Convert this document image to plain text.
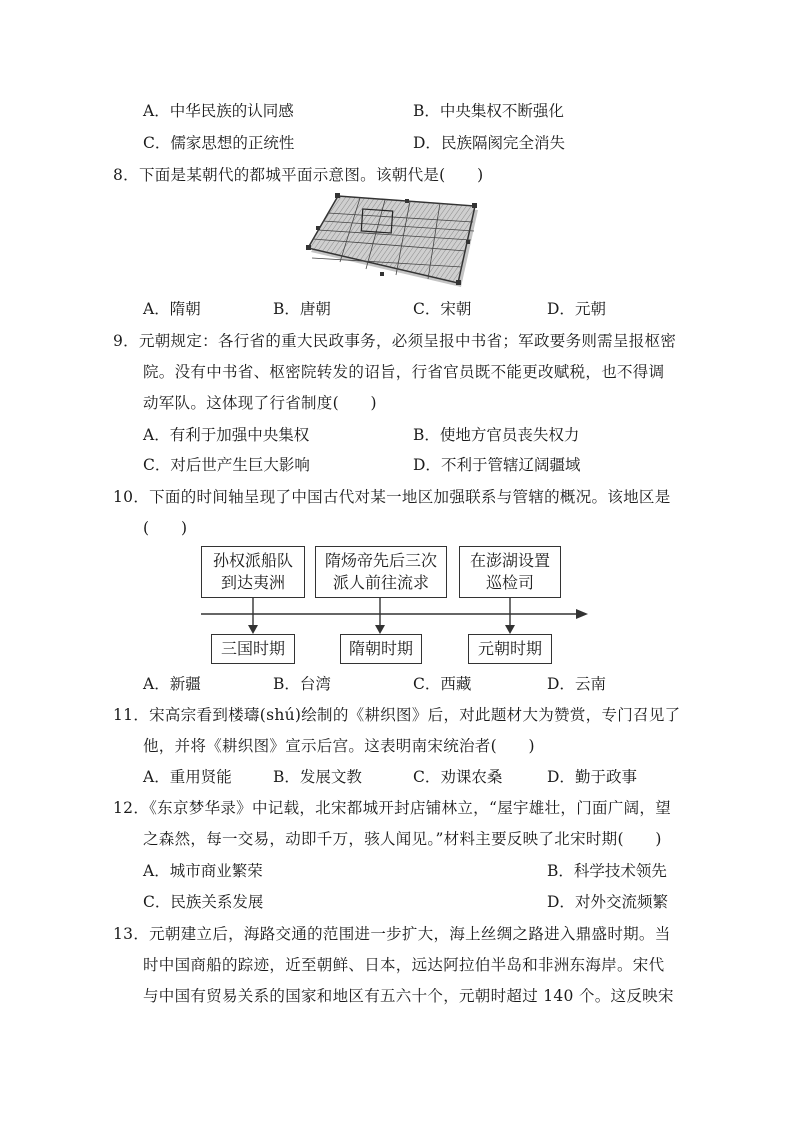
A．中华民族的认同感	B．中央集权不断强化
C．儒家思想的正统性	D．民族隔阂完全消失
8．下面是某朝代的都城平面示意图。该朝代是(　　)
A．隋朝	B．唐朝	C．宋朝	D．元朝
9．元朝规定：各行省的重大民政事务，必须呈报中书省；军政要务则需呈报枢密
院。没有中书省、枢密院转发的诏旨，行省官员既不能更改赋税，也不得调
动军队。这体现了行省制度(　　)
A．有利于加强中央集权	B．使地方官员丧失权力
C．对后世产生巨大影响	D．不利于管辖辽阔疆域
10．下面的时间轴呈现了中国古代对某一地区加强联系与管辖的概况。该地区是
(　　)
孙权派船队
到达夷洲
隋炀帝先后三次
派人前往流求
在澎湖设置
巡检司
三国时期	隋朝时期	元朝时期
A．新疆	B．台湾	C．西藏	D．云南
11．宋高宗看到楼璹(shú)绘制的《耕织图》后，对此题材大为赞赏，专门召见了
他，并将《耕织图》宣示后宫。这表明南宋统治者(　　)
A．重用贤能	B．发展文教	C．劝课农桑	D．勤于政事
12．《东京梦华录》中记载，北宋都城开封店铺林立，“屋宇雄壮，门面广阔，望
之森然，每一交易，动即千万，骇人闻见。”材料主要反映了北宋时期(　　)
A．城市商业繁荣	B．科学技术领先
C．民族关系发展	D．对外交流频繁
13．元朝建立后，海路交通的范围进一步扩大，海上丝绸之路进入鼎盛时期。当
时中国商船的踪迹，近至朝鲜、日本，远达阿拉伯半岛和非洲东海岸。宋代
与中国有贸易关系的国家和地区有五六十个，元朝时超过 140 个。这反映宋
